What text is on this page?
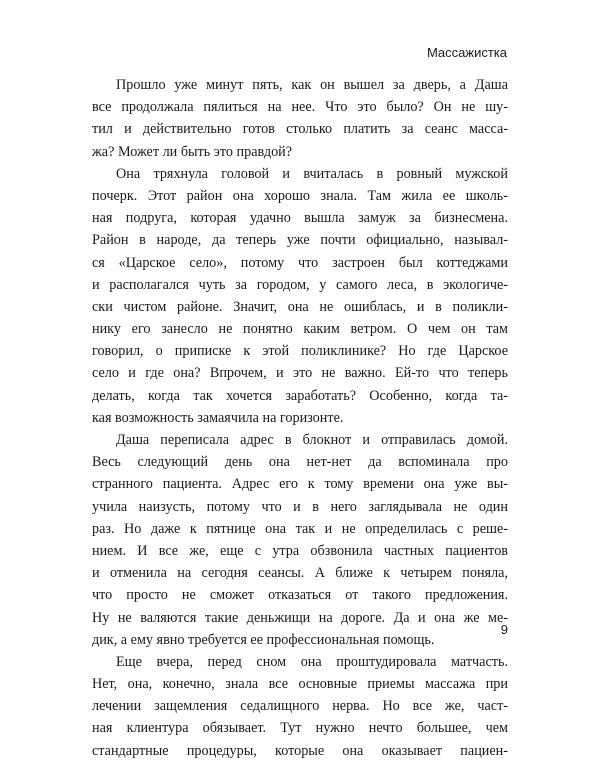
Массажистка
Прошло уже минут пять, как он вышел за дверь, а Даша
все продолжала пялиться на нее. Что это было? Он не шу-
тил и действительно готов столько платить за сеанс масса-
жа? Может ли быть это правдой?
Она тряхнула головой и вчиталась в ровный мужской
почерк. Этот район она хорошо знала. Там жила ее школь-
ная подруга, которая удачно вышла замуж за бизнесмена.
Район в народе, да теперь уже почти официально, называл-
ся «Царское село», потому что застроен был коттеджами
и располагался чуть за городом, у самого леса, в экологиче-
ски чистом районе. Значит, она не ошиблась, и в поликли-
нику его занесло не понятно каким ветром. О чем он там
говорил, о приписке к этой поликлинике? Но где Царское
село и где она? Впрочем, и это не важно. Ей-то что теперь
делать, когда так хочется заработать? Особенно, когда та-
кая возможность замаячила на горизонте.
Даша переписала адрес в блокнот и отправилась домой.
Весь следующий день она нет-нет да вспоминала про
странного пациента. Адрес его к тому времени она уже вы-
учила наизусть, потому что и в него заглядывала не один
раз. Но даже к пятнице она так и не определилась с реше-
нием. И все же, еще с утра обзвонила частных пациентов
и отменила на сегодня сеансы. А ближе к четырем поняла,
что просто не сможет отказаться от такого предложения.
Ну не валяются такие деньжищи на дороге. Да и она же ме-
дик, а ему явно требуется ее профессиональная помощь.
Еще вчера, перед сном она проштудировала матчасть.
Нет, она, конечно, знала все основные приемы массажа при
лечении защемления седалищного нерва. Но все же, част-
ная клиентура обязывает. Тут нужно нечто большее, чем
стандартные процедуры, которые она оказывает пациен-
9
